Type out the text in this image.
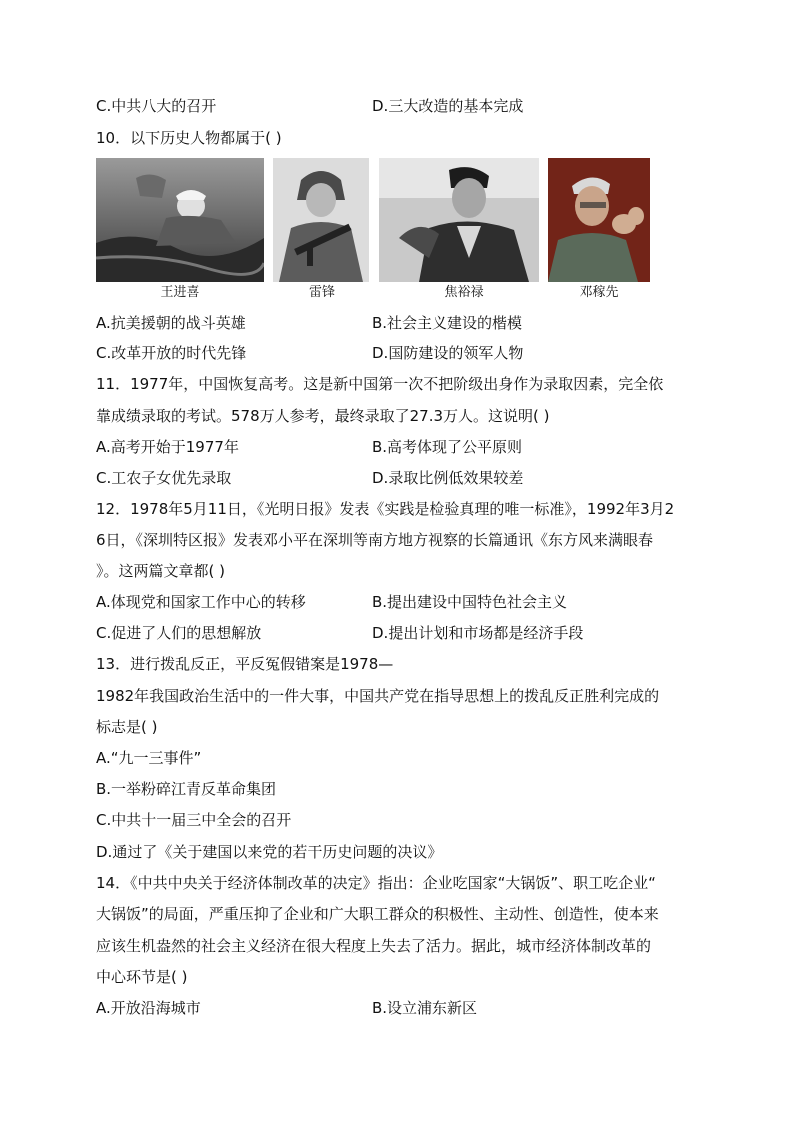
C.中共八大的召开	D.三大改造的基本完成
10．以下历史人物都属于( )
王进喜	雷锋	焦裕禄	邓稼先
A.抗美援朝的战斗英雄	B.社会主义建设的楷模
C.改革开放的时代先锋	D.国防建设的领军人物
11．1977年，中国恢复高考。这是新中国第一次不把阶级出身作为录取因素，完全依
靠成绩录取的考试。578万人参考，最终录取了27.3万人。这说明( )
A.高考开始于1977年	B.高考体现了公平原则
C.工农子女优先录取	D.录取比例低效果较差
12．1978年5月11日，《光明日报》发表《实践是检验真理的唯一标准》，1992年3月2
6日，《深圳特区报》发表邓小平在深圳等南方地方视察的长篇通讯《东方风来满眼春
》。这两篇文章都( )
A.体现党和国家工作中心的转移	B.提出建设中国特色社会主义
C.促进了人们的思想解放	D.提出计划和市场都是经济手段
13．进行拨乱反正，平反冤假错案是1978—
1982年我国政治生活中的一件大事，中国共产党在指导思想上的拨乱反正胜利完成的
标志是( )
A.“九一三事件”
B.一举粉碎江青反革命集团
C.中共十一届三中全会的召开
D.通过了《关于建国以来党的若干历史问题的决议》
14．《中共中央关于经济体制改革的决定》指出：企业吃国家“大锅饭”、职工吃企业“
大锅饭”的局面，严重压抑了企业和广大职工群众的积极性、主动性、创造性，使本来
应该生机盎然的社会主义经济在很大程度上失去了活力。据此，城市经济体制改革的
中心环节是( )
A.开放沿海城市	B.设立浦东新区
